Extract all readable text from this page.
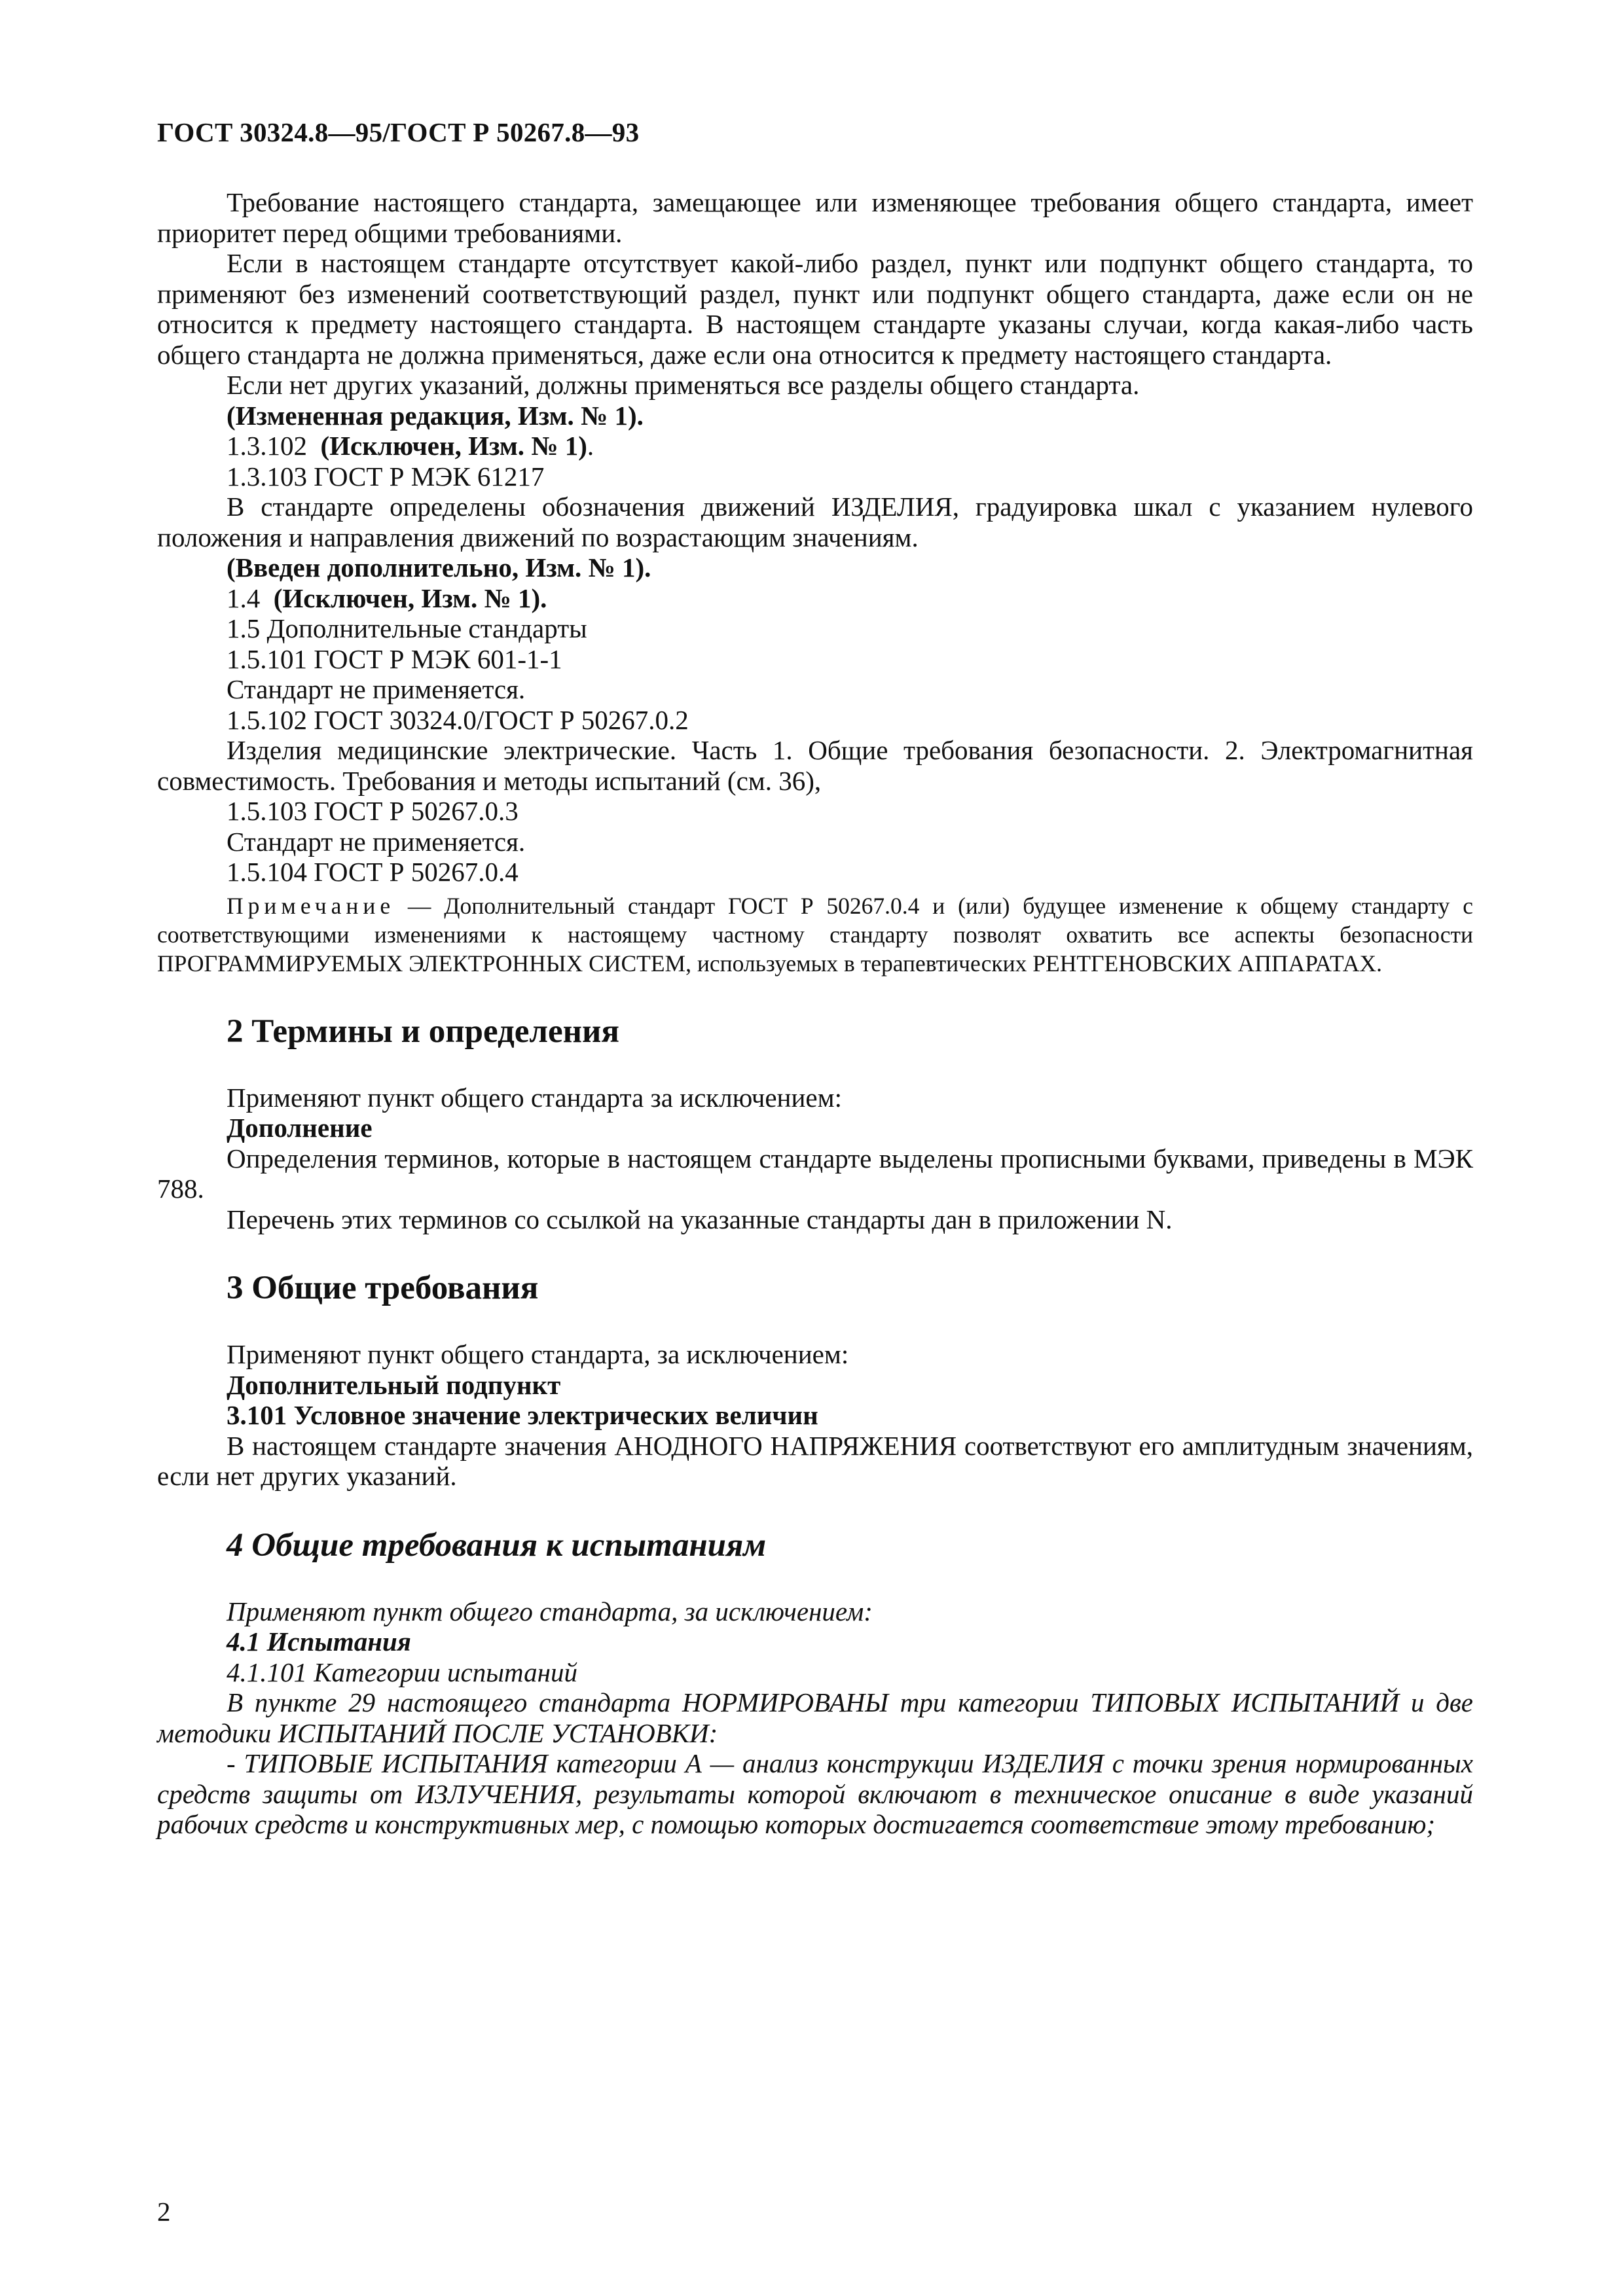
ГОСТ 30324.8—95/ГОСТ Р 50267.8—93

Требование настоящего стандарта, замещающее или изменяющее требования общего стандарта, имеет приоритет перед общими требованиями.

Если в настоящем стандарте отсутствует какой-либо раздел, пункт или подпункт общего стандарта, то применяют без изменений соответствующий раздел, пункт или подпункт общего стандарта, даже если он не относится к предмету настоящего стандарта. В настоящем стандарте указаны случаи, когда какая-либо часть общего стандарта не должна применяться, даже если она относится к предмету настоящего стандарта.

Если нет других указаний, должны применяться все разделы общего стандарта.

(Измененная редакция, Изм. № 1).

1.3.102 (Исключен, Изм. № 1).

1.3.103 ГОСТ Р МЭК 61217

В стандарте определены обозначения движений ИЗДЕЛИЯ, градуировка шкал с указанием нулевого положения и направления движений по возрастающим значениям.

(Введен дополнительно, Изм. № 1).

1.4 (Исключен, Изм. № 1).

1.5 Дополнительные стандарты

1.5.101 ГОСТ Р МЭК 601-1-1

Стандарт не применяется.

1.5.102 ГОСТ 30324.0/ГОСТ Р 50267.0.2

Изделия медицинские электрические. Часть 1. Общие требования безопасности. 2. Электромагнитная совместимость. Требования и методы испытаний (см. 36),

1.5.103 ГОСТ Р 50267.0.3

Стандарт не применяется.

1.5.104 ГОСТ Р 50267.0.4

Примечание — Дополнительный стандарт ГОСТ Р 50267.0.4 и (или) будущее изменение к общему стандарту с соответствующими изменениями к настоящему частному стандарту позволят охватить все аспекты безопасности ПРОГРАММИРУЕМЫХ ЭЛЕКТРОННЫХ СИСТЕМ, используемых в терапевтических РЕНТГЕНОВСКИХ АППАРАТАХ.

2 Термины и определения

Применяют пункт общего стандарта за исключением:

Дополнение

Определения терминов, которые в настоящем стандарте выделены прописными буквами, приведены в МЭК 788.

Перечень этих терминов со ссылкой на указанные стандарты дан в приложении N.

3 Общие требования

Применяют пункт общего стандарта, за исключением:

Дополнительный подпункт

3.101 Условное значение электрических величин

В настоящем стандарте значения АНОДНОГО НАПРЯЖЕНИЯ соответствуют его амплитудным значениям, если нет других указаний.

4 Общие требования к испытаниям

Применяют пункт общего стандарта, за исключением:

4.1 Испытания

4.1.101 Категории испытаний

В пункте 29 настоящего стандарта НОРМИРОВАНЫ три категории ТИПОВЫХ ИСПЫТАНИЙ и две методики ИСПЫТАНИЙ ПОСЛЕ УСТАНОВКИ:

- ТИПОВЫЕ ИСПЫТАНИЯ категории А — анализ конструкции ИЗДЕЛИЯ с точки зрения нормированных средств защиты от ИЗЛУЧЕНИЯ, результаты которой включают в техническое описание в виде указаний рабочих средств и конструктивных мер, с помощью которых достигается соответствие этому требованию;

2
